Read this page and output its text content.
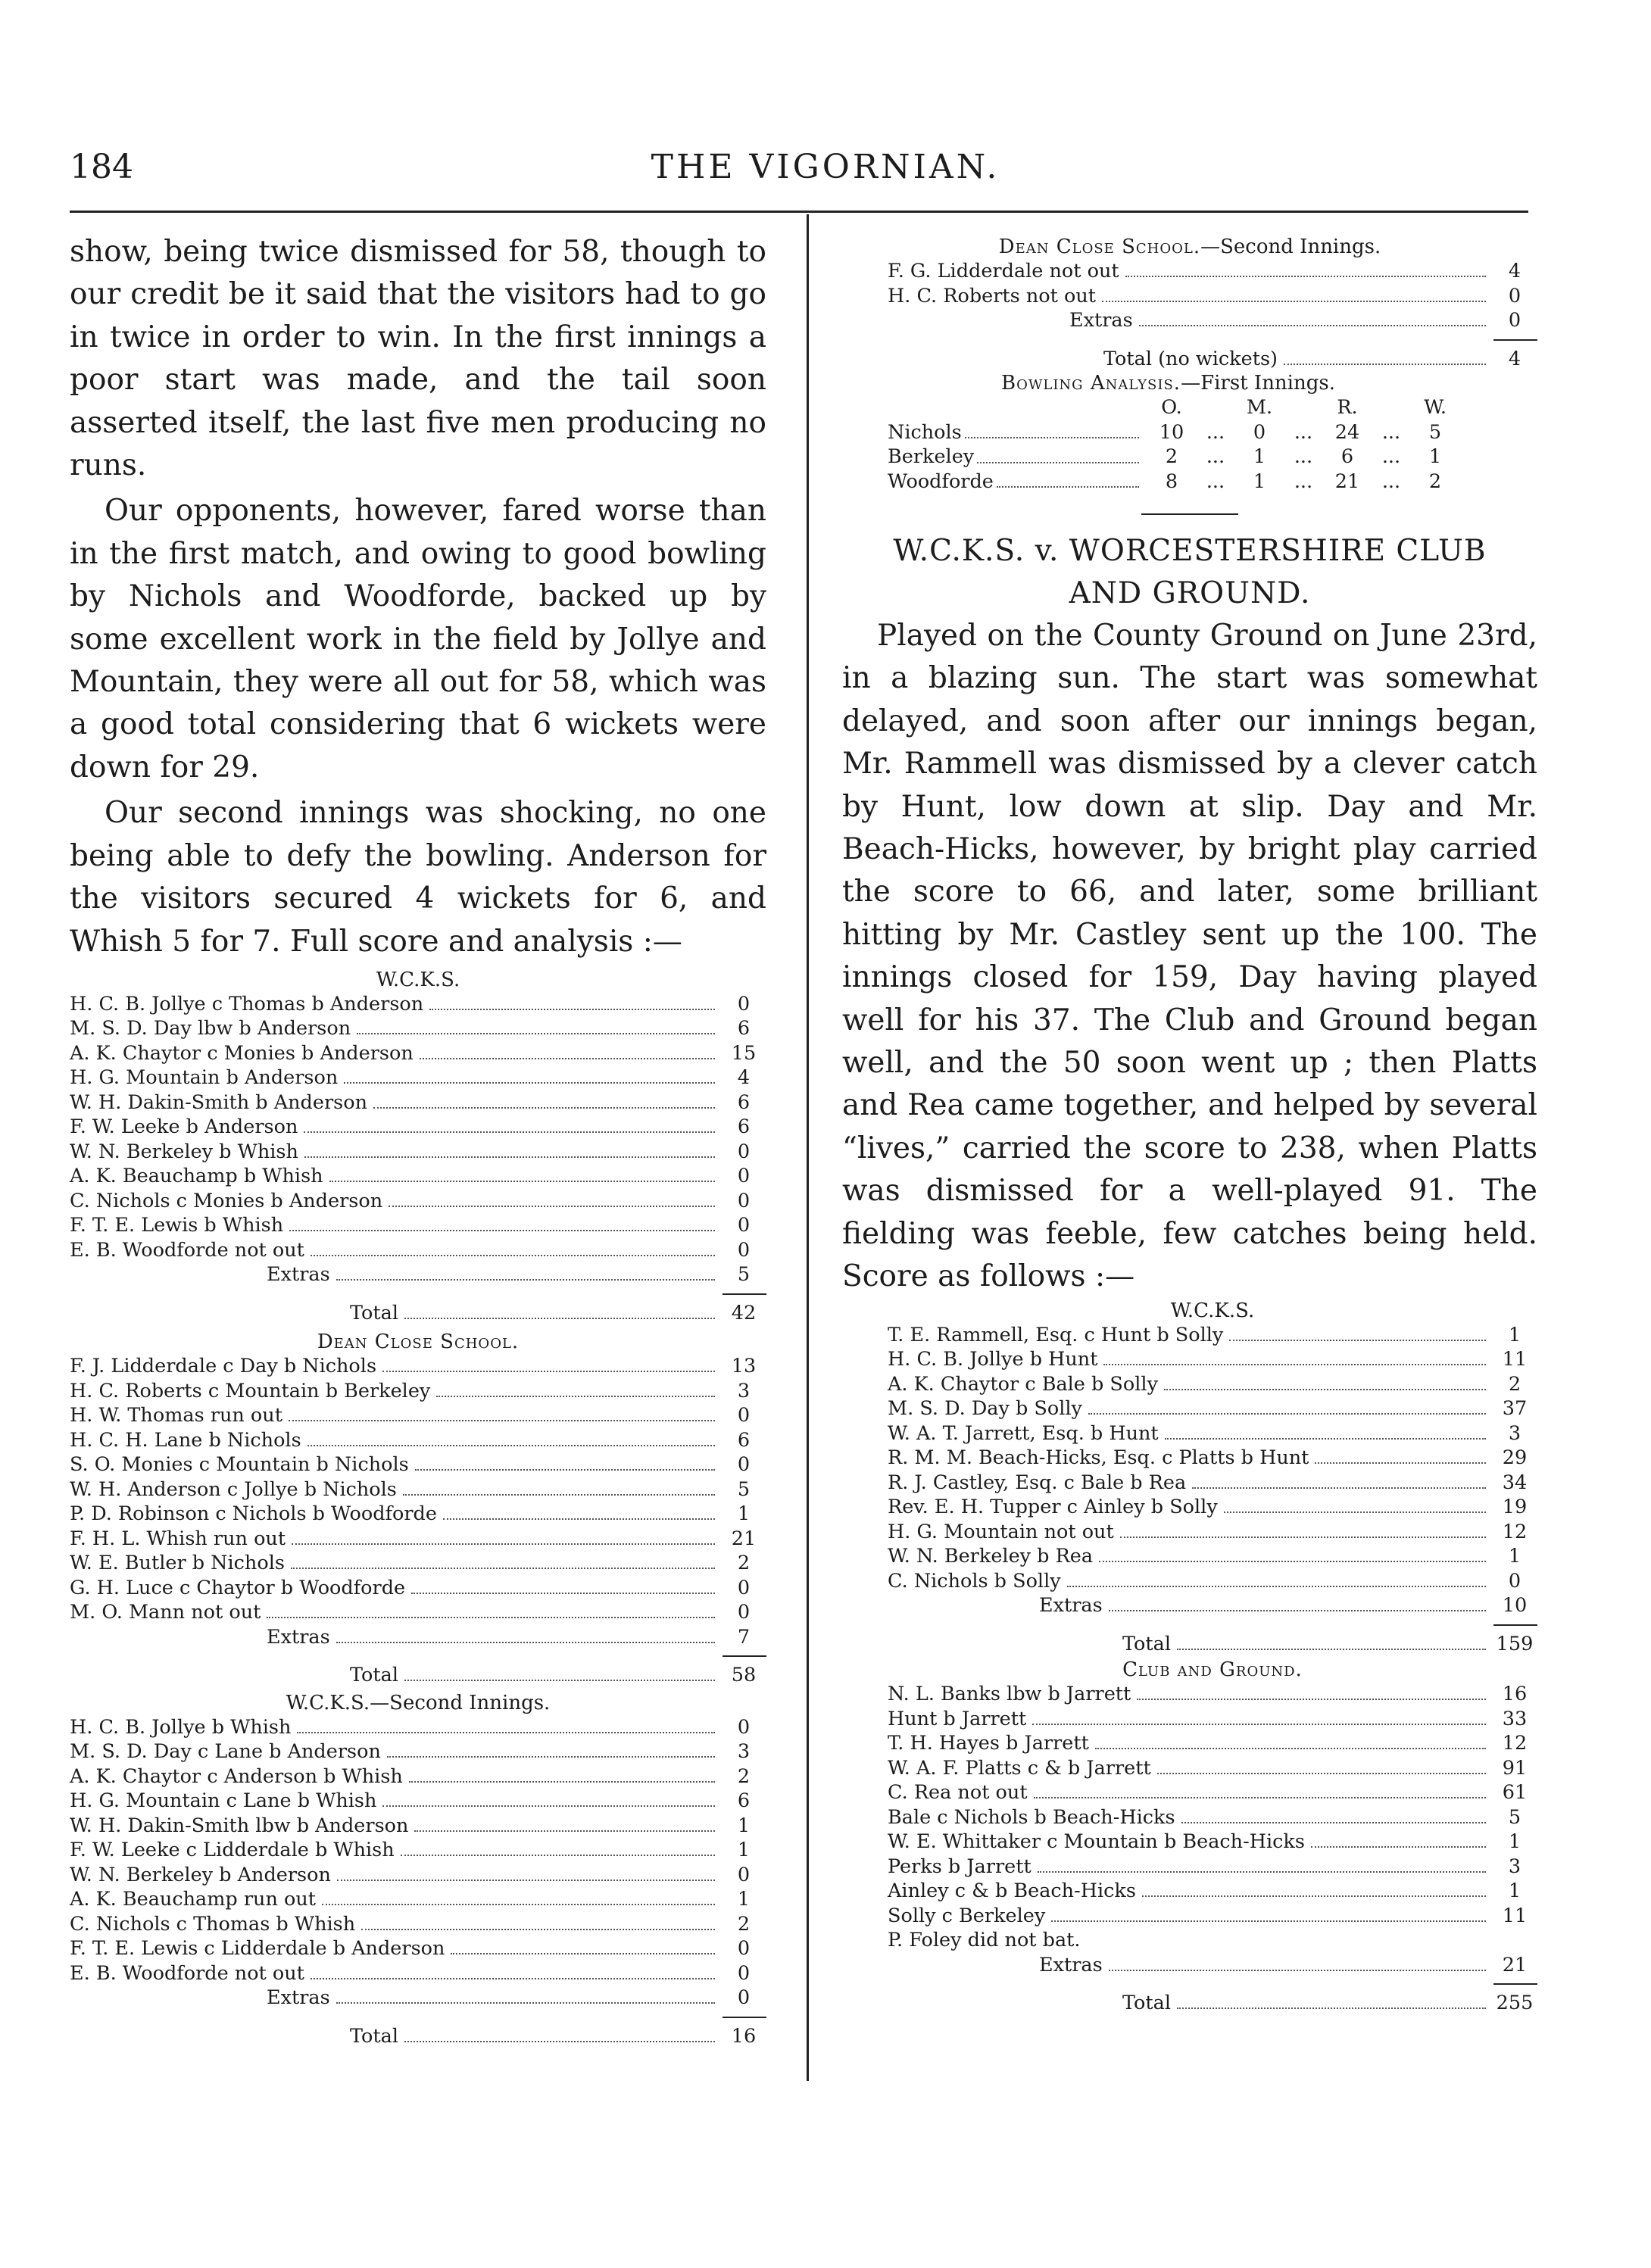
184	THE VIGORNIAN.

show, being twice dismissed for 58, though to our credit be it said that the visitors had to go in twice in order to win. In the first innings a poor start was made, and the tail soon asserted itself, the last five men producing no runs.

Our opponents, however, fared worse than in the first match, and owing to good bowling by Nichols and Woodforde, backed up by some excellent work in the field by Jollye and Mountain, they were all out for 58, which was a good total considering that 6 wickets were down for 29.

Our second innings was shocking, no one being able to defy the bowling. Anderson for the visitors secured 4 wickets for 6, and Whish 5 for 7. Full score and analysis :—

W.C.K.S.
H. C. B. Jollye c Thomas b Anderson	0
M. S. D. Day lbw b Anderson	6
A. K. Chaytor c Monies b Anderson	15
H. G. Mountain b Anderson	4
W. H. Dakin-Smith b Anderson	6
F. W. Leeke b Anderson	6
W. N. Berkeley b Whish	0
A. K. Beauchamp b Whish	0
C. Nichols c Monies b Anderson	0
F. T. E. Lewis b Whish	0
E. B. Woodforde not out	0
Extras	5
Total	42
Dean Close School.
F. J. Lidderdale c Day b Nichols	13
H. C. Roberts c Mountain b Berkeley	3
H. W. Thomas run out	0
H. C. H. Lane b Nichols	6
S. O. Monies c Mountain b Nichols	0
W. H. Anderson c Jollye b Nichols	5
P. D. Robinson c Nichols b Woodforde	1
F. H. L. Whish run out	21
W. E. Butler b Nichols	2
G. H. Luce c Chaytor b Woodforde	0
M. O. Mann not out	0
Extras	7
Total	58
W.C.K.S.—Second Innings.
H. C. B. Jollye b Whish	0
M. S. D. Day c Lane b Anderson	3
A. K. Chaytor c Anderson b Whish	2
H. G. Mountain c Lane b Whish	6
W. H. Dakin-Smith lbw b Anderson	1
F. W. Leeke c Lidderdale b Whish	1
W. N. Berkeley b Anderson	0
A. K. Beauchamp run out	1
C. Nichols c Thomas b Whish	2
F. T. E. Lewis c Lidderdale b Anderson	0
E. B. Woodforde not out	0
Extras	0
Total	16
Dean Close School.—Second Innings.
F. G. Lidderdale not out	4
H. C. Roberts not out	0
Extras	0
Total (no wickets)	4
Bowling Analysis.—First Innings.
O.	M.	R.	W.
Nichols	10	...	0	...	24	...	5
Berkeley	2	...	1	...	6	...	1
Woodforde	8	...	1	...	21	...	2
W.C.K.S. v. WORCESTERSHIRE CLUB
AND GROUND.

Played on the County Ground on June 23rd, in a blazing sun. The start was somewhat delayed, and soon after our innings began, Mr. Rammell was dismissed by a clever catch by Hunt, low down at slip. Day and Mr. Beach-Hicks, however, by bright play carried the score to 66, and later, some brilliant hitting by Mr. Castley sent up the 100. The innings closed for 159, Day having played well for his 37. The Club and Ground began well, and the 50 soon went up ; then Platts and Rea came together, and helped by several “lives,” carried the score to 238, when Platts was dismissed for a well-played 91. The fielding was feeble, few catches being held. Score as follows :—

W.C.K.S.
T. E. Rammell, Esq. c Hunt b Solly	1
H. C. B. Jollye b Hunt	11
A. K. Chaytor c Bale b Solly	2
M. S. D. Day b Solly	37
W. A. T. Jarrett, Esq. b Hunt	3
R. M. M. Beach-Hicks, Esq. c Platts b Hunt	29
R. J. Castley, Esq. c Bale b Rea	34
Rev. E. H. Tupper c Ainley b Solly	19
H. G. Mountain not out	12
W. N. Berkeley b Rea	1
C. Nichols b Solly	0
Extras	10
Total	159
Club and Ground.
N. L. Banks lbw b Jarrett	16
Hunt b Jarrett	33
T. H. Hayes b Jarrett	12
W. A. F. Platts c & b Jarrett	91
C. Rea not out	61
Bale c Nichols b Beach-Hicks	5
W. E. Whittaker c Mountain b Beach-Hicks	1
Perks b Jarrett	3
Ainley c & b Beach-Hicks	1
Solly c Berkeley	11
P. Foley did not bat.
Extras	21
Total	255
